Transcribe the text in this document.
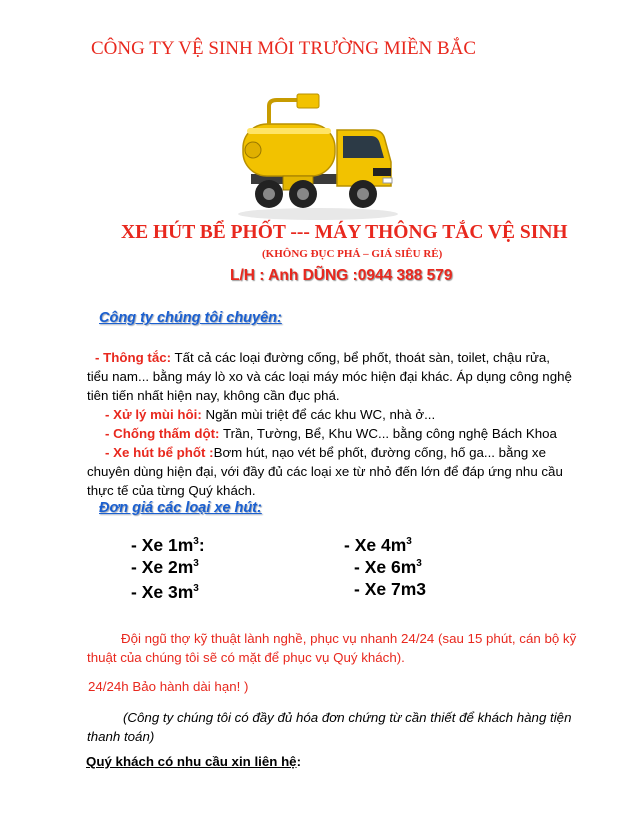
CÔNG TY VỆ SINH MÔI TRƯỜNG MIỀN BẮC
XE HÚT BỂ PHỐT --- MÁY THÔNG TẮC VỆ SINH
(KHÔNG ĐỤC PHÁ – GIÁ SIÊU RẺ)
L/H : Anh DŨNG :0944 388 579
Công ty chúng tôi chuyên:
- Thông tắc: Tất cả các loại đường cống, bể phốt, thoát sàn, toilet, chậu rửa,
tiểu nam... bằng máy lò xo và các loại máy móc hiện đại khác. Áp dụng công nghệ
tiên tiến nhất hiện nay, không cần đục phá.
- Xử lý mùi hôi: Ngăn mùi triệt để các khu WC, nhà ở...
- Chống thấm dột: Trần, Tường, Bể, Khu WC... bằng công nghệ Bách Khoa
- Xe hút bể phốt :Bơm hút, nạo vét bể phốt, đường cống, hố ga... bằng xe
chuyên dùng hiện đại, với đầy đủ các loại xe từ nhỏ đến lớn để đáp ứng nhu cầu
thực tế của từng Quý khách.
Đơn giá các loại xe hút:
- Xe $1m^3$:
- Xe $2m^3$
- Xe $3m^3$
- Xe $4m^3$
- Xe $6m^3$
- Xe 7m3
Đội ngũ thợ kỹ thuật lành nghề, phục vụ nhanh 24/24 (sau 15 phút, cán bộ kỹ
thuật của chúng tôi sẽ có mặt để phục vụ Quý khách).
24/24h Bảo hành dài hạn! )
(Công ty chúng tôi có đầy đủ hóa đơn chứng từ cần thiết để khách hàng tiện
thanh toán)
Quý khách có nhu cầu xin liên hệ:
